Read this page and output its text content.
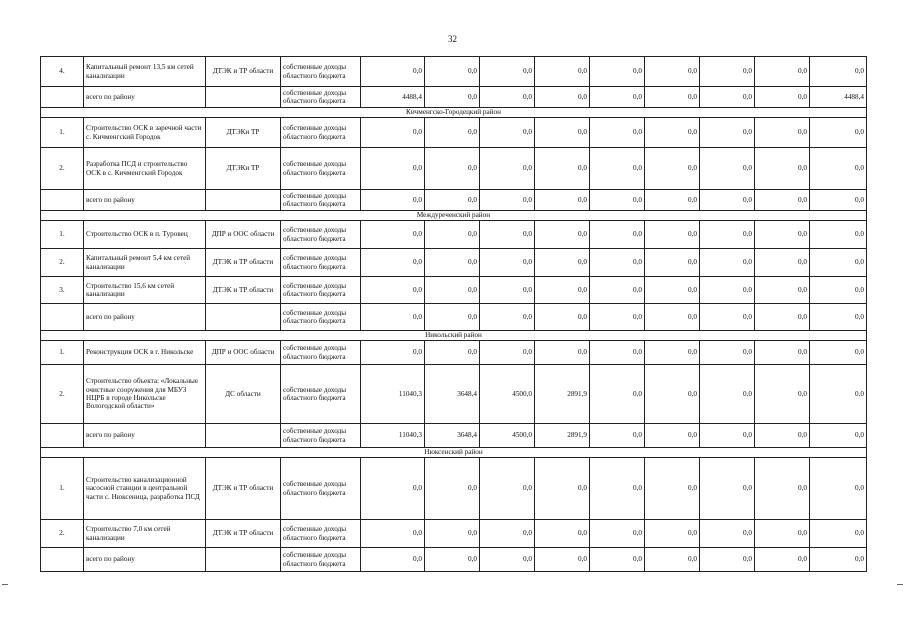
32
4.	Капитальный ремонт 13,5 км сетей канализации	ДТЭК и ТР области	собственные доходы областного бюджета	0,0	0,0	0,0	0,0	0,0	0,0	0,0	0,0	0,0
	всего по району		собственные доходы областного бюджета	4488,4	0,0	0,0	0,0	0,0	0,0	0,0	0,0	4488,4
Кичменгско-Городецкий район												
1.	Строительство ОСК в заречной части с. Кичменгский Городок	ДТЭКи ТР	собственные доходы областного бюджета	0,0	0,0	0,0	0,0	0,0	0,0	0,0	0,0	0,0
2.	Разработка ПСД и строительство ОСК в с. Кичменгский Городок	ДТЭКи ТР	собственные доходы областного бюджета	0,0	0,0	0,0	0,0	0,0	0,0	0,0	0,0	0,0
	всего по району		собственные доходы областного бюджета	0,0	0,0	0,0	0,0	0,0	0,0	0,0	0,0	0,0
Междуреченский район												
1.	Строительство ОСК в п. Туровец	ДПР и ООС области	собственные доходы областного бюджета	0,0	0,0	0,0	0,0	0,0	0,0	0,0	0,0	0,0
2.	Капитальный ремонт 5,4 км сетей канализации	ДТЭК и ТР области	собственные доходы областного бюджета	0,0	0,0	0,0	0,0	0,0	0,0	0,0	0,0	0,0
3.	Строительство 15,6 км сетей канализации	ДТЭК и ТР области	собственные доходы областного бюджета	0,0	0,0	0,0	0,0	0,0	0,0	0,0	0,0	0,0
	всего по району		собственные доходы областного бюджета	0,0	0,0	0,0	0,0	0,0	0,0	0,0	0,0	0,0
Никольский район												
1.	Реконструкция ОСК в г. Никольске	ДПР и ООС области	собственные доходы областного бюджета	0,0	0,0	0,0	0,0	0,0	0,0	0,0	0,0	0,0
2.	Строительство объекта: «Локальные очистные сооружения для МБУЗ НЦРБ в городе Никольске Вологодской области»	ДС области	собственные доходы областного бюджета	11040,3	3648,4	4500,0	2891,9	0,0	0,0	0,0	0,0	0,0
	всего по району		собственные доходы областного бюджета	11040,3	3648,4	4500,0	2891,9	0,0	0,0	0,0	0,0	0,0
Нюксенский район												
1.	Строительство канализационной насосной станции в центральной части с. Нюксеница, разработка ПСД	ДТЭК и ТР области	собственные доходы областного бюджета	0,0	0,0	0,0	0,0	0,0	0,0	0,0	0,0	0,0
2.	Строительство 7,0 км сетей канализации	ДТЭК и ТР области	собственные доходы областного бюджета	0,0	0,0	0,0	0,0	0,0	0,0	0,0	0,0	0,0
	всего по району		собственные доходы областного бюджета	0,0	0,0	0,0	0,0	0,0	0,0	0,0	0,0	0,0
